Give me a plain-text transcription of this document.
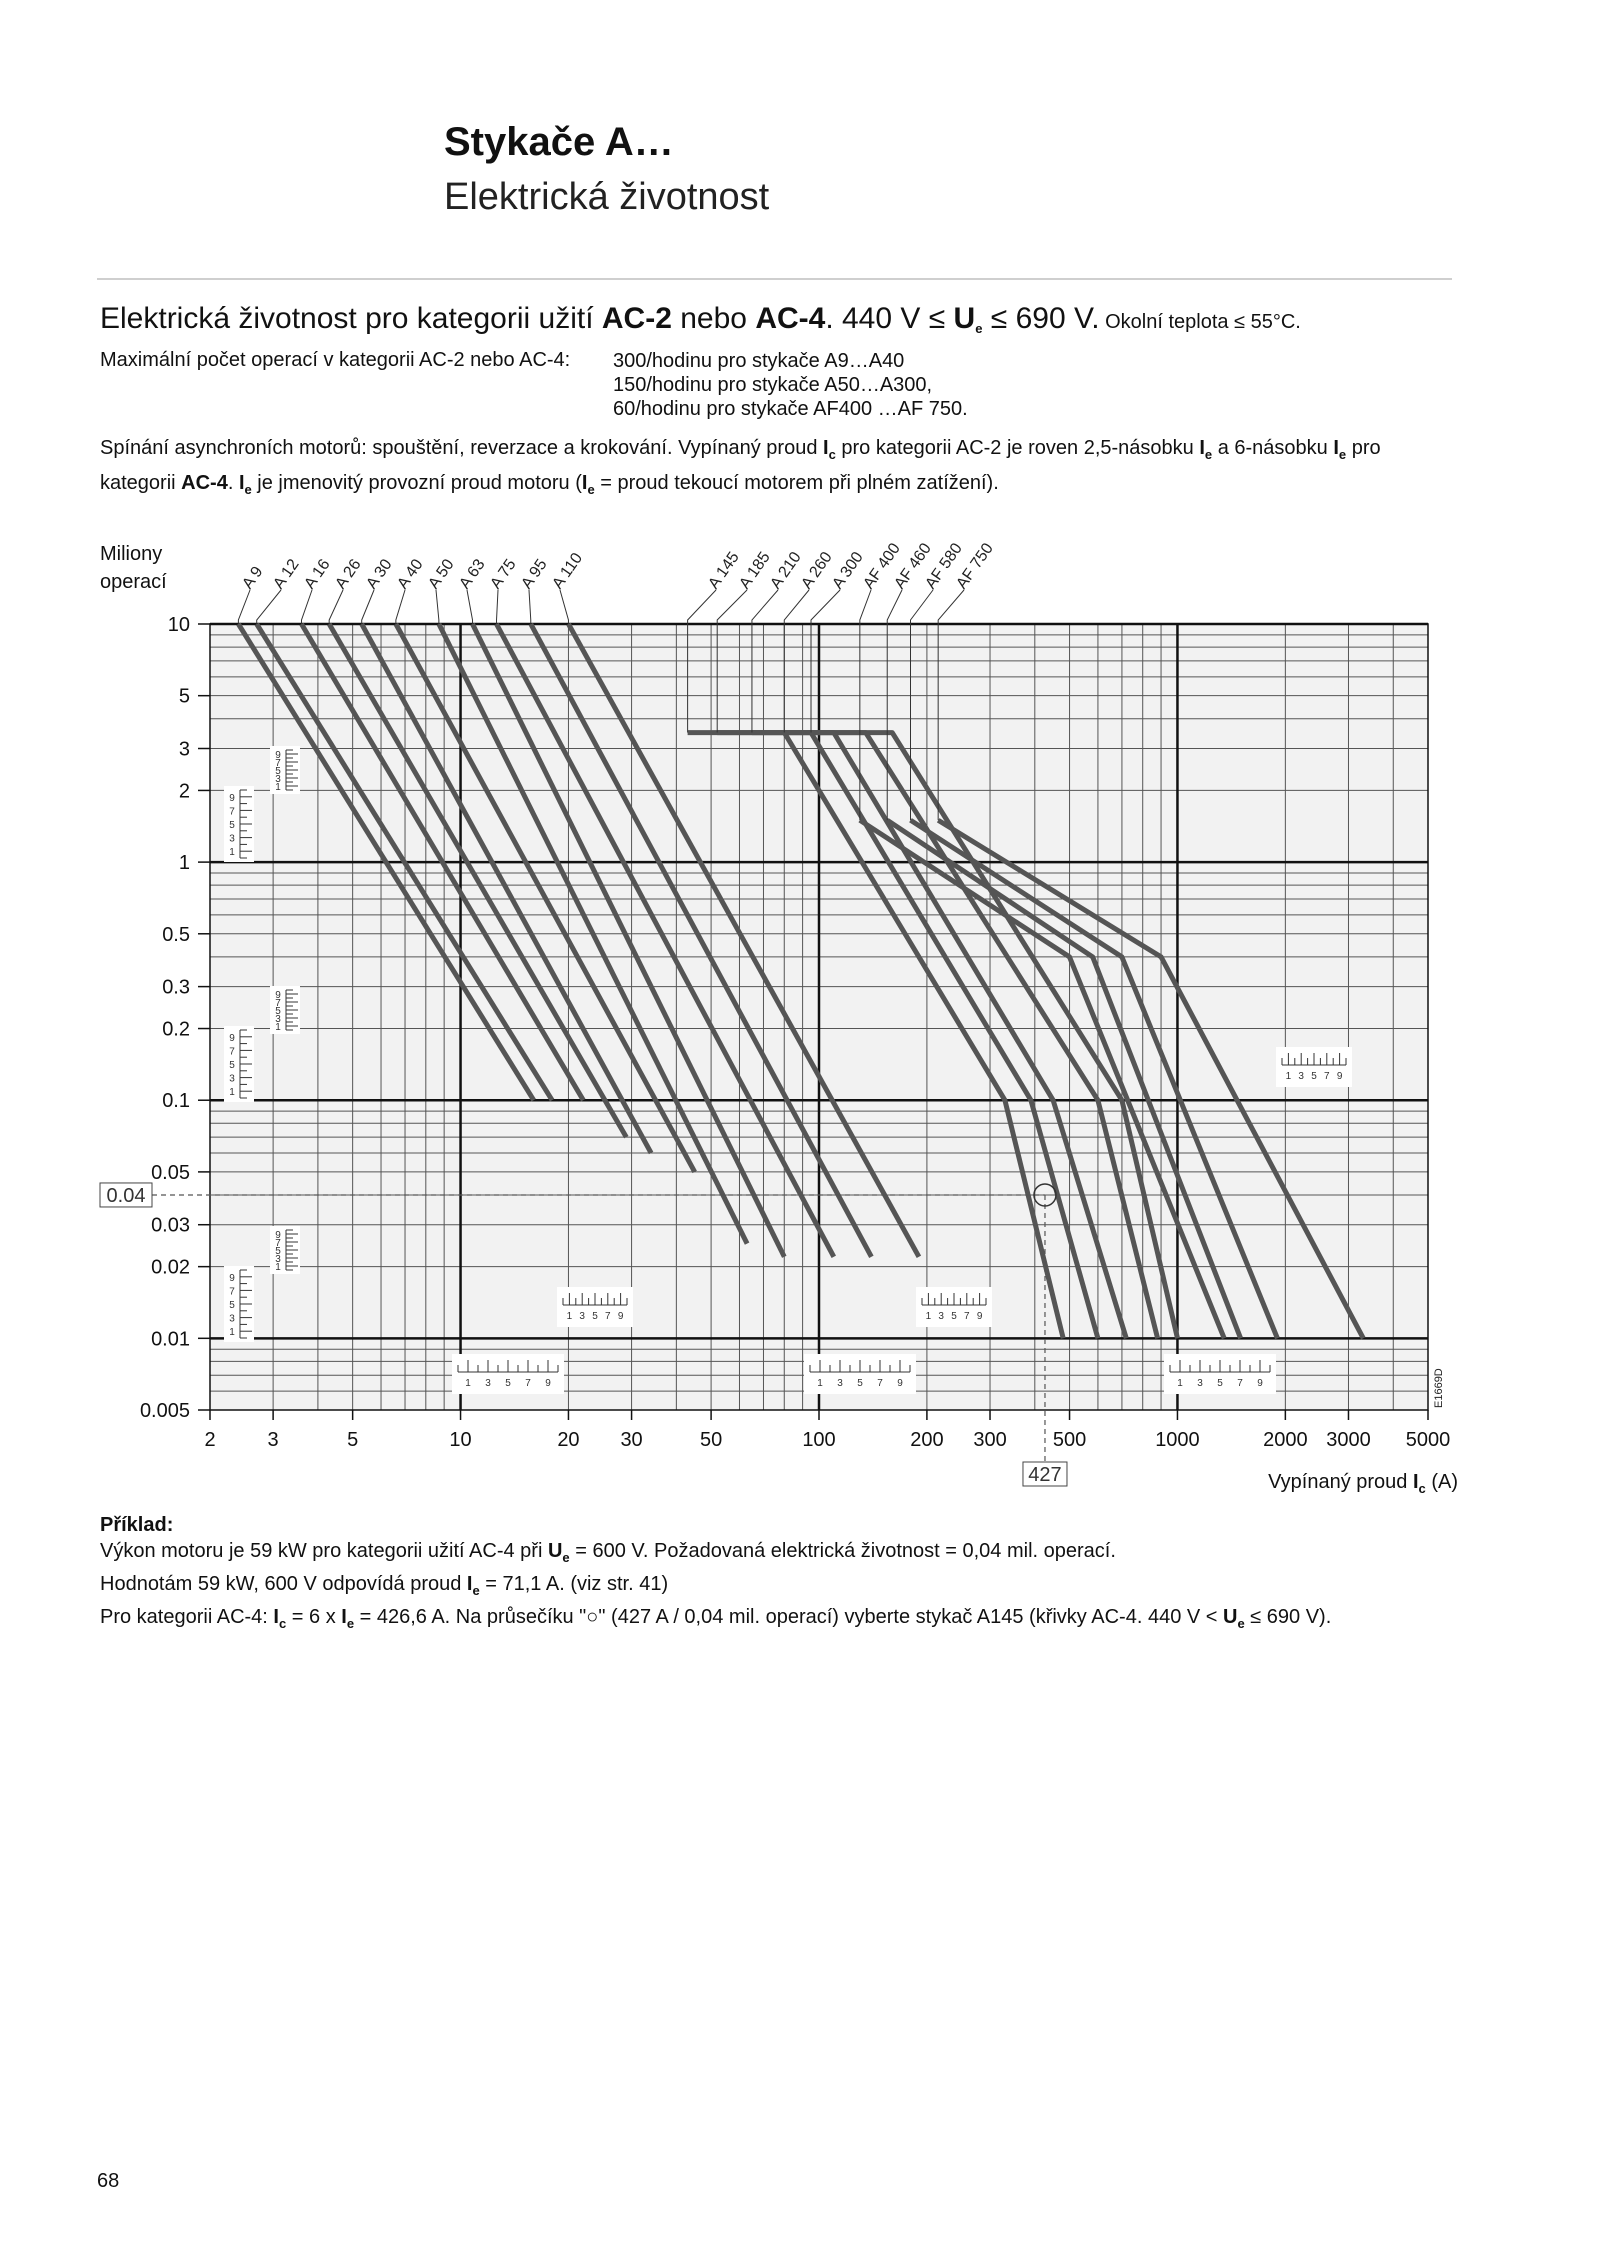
Stykače A…
Elektrická životnost
Elektrická životnost pro kategorii užití AC-2 nebo AC-4. 440 $V \le U_e \le 690$ V. Okolní teplota ≤ 55°C.
Maximální počet operací v kategorii AC-2 nebo AC-4: 300/hodinu pro stykače A9…A40
150/hodinu pro stykače A50…A300,
60/hodinu pro stykače AF400 …AF 750.
Spínání asynchroních motorů: spouštění, reverzace a krokování. Vypínaný proud $I_c$ pro kategorii AC-2 je roven 2,5-násobku $I_e$ a 6-násobku $I_e$ pro kategorii AC-4. $I_e$ je jmenovitý provozní proud motoru ($I_e$ = proud tekoucí motorem při plném zatížení).
1 3 5 7 9	1 3 5 7 9	1 3 5 7 9
1 3 5 7 9	1 3 5 7 9
1 3 5 7 9
9
7
5
3
1
9
7
5
3
1
9
7
5
3
1
9
7
5
3
1
9
7
5
3
1
9
7
5
3
1
A 9 A 12
A 16
A 26
A 30
A 40
A 50
A 63
A 75
A 95
A 110	A 145
A 185
A 210
A 260
A 300
AF 400
AF 460
AF 580
AF 750
0.04
427
10
5
3
2
1
0.5
0.3
0.2
0.1
0.05
0.03
0.02
0.01
0.005
2	3	5	10	20 30	50	100	200 300 500	1000	2000 3000 5000
Miliony
operací
Vypínaný proud $I_c$ (A)
E1669D
Příklad:
Výkon motoru je 59 kW pro kategorii užití AC-4 při $U_e = 600$ V. Požadovaná elektrická životnost = 0,04 mil. operací.
Hodnotám 59 kW, 600 V odpovídá proud $I_e = 71,1$ A. (viz str. 41)
Pro kategorii AC-4: $I_c = 6$ x $I_e = 426,6$ A. Na průsečíku "○" (427 A / 0,04 mil. operací) vyberte stykač A145 (křivky AC-4. 440 $V < U_e \le 690$ V).
68
